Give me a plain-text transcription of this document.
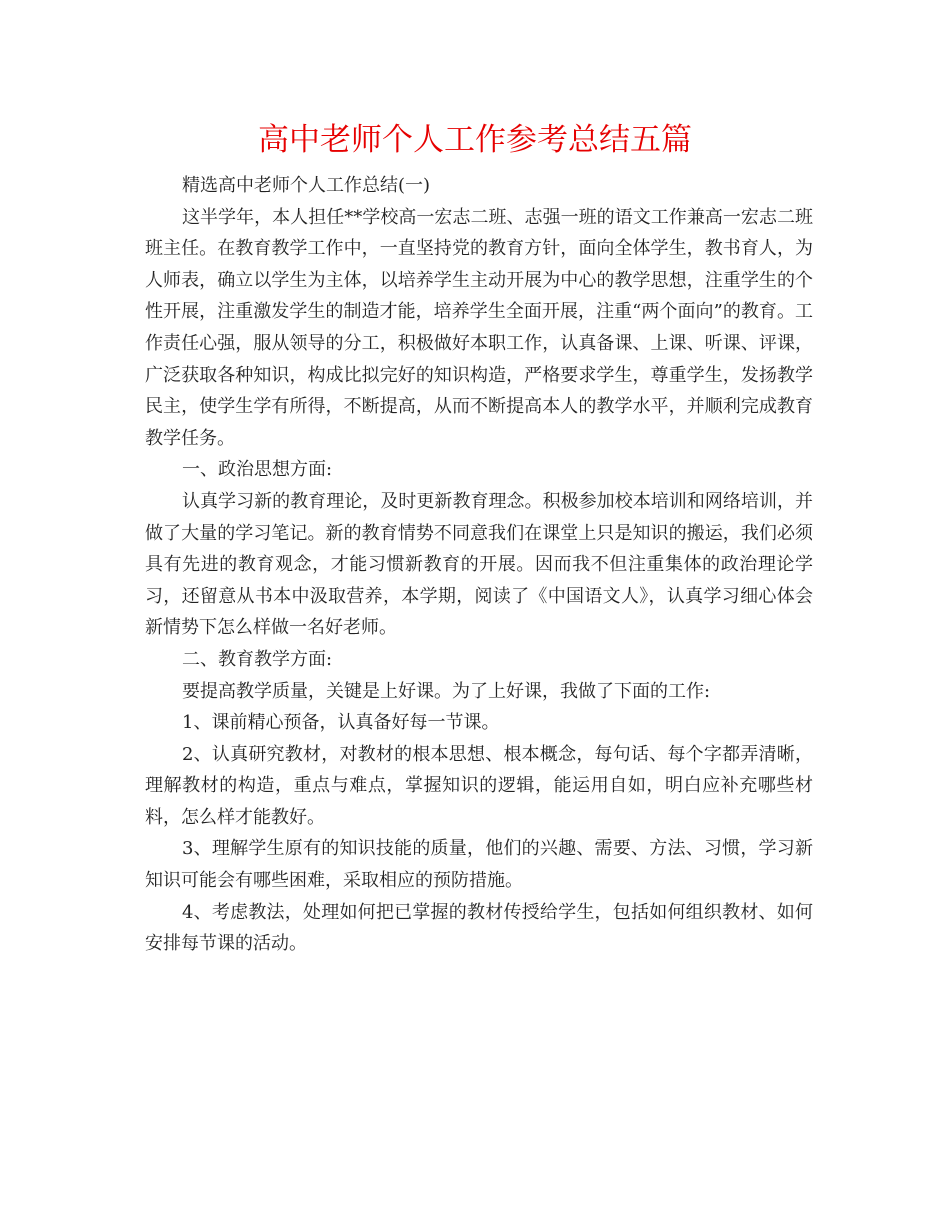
高中老师个人工作参考总结五篇

精选高中老师个人工作总结(一)

这半学年，本人担任**学校高一宏志二班、志强一班的语文工作兼高一宏志二班班主任。在教育教学工作中，一直坚持党的教育方针，面向全体学生，教书育人，为人师表，确立以学生为主体，以培养学生主动开展为中心的教学思想，注重学生的个性开展，注重激发学生的制造才能，培养学生全面开展，注重“两个面向”的教育。工作责任心强，服从领导的分工，积极做好本职工作，认真备课、上课、听课、评课，广泛获取各种知识，构成比拟完好的知识构造，严格要求学生，尊重学生，发扬教学民主，使学生学有所得，不断提高，从而不断提高本人的教学水平，并顺利完成教育教学任务。

一、政治思想方面:

认真学习新的教育理论，及时更新教育理念。积极参加校本培训和网络培训，并做了大量的学习笔记。新的教育情势不同意我们在课堂上只是知识的搬运，我们必须具有先进的教育观念，才能习惯新教育的开展。因而我不但注重集体的政治理论学习，还留意从书本中汲取营养，本学期，阅读了《中国语文人》，认真学习细心体会新情势下怎么样做一名好老师。

二、教育教学方面:

要提高教学质量，关键是上好课。为了上好课，我做了下面的工作:

1、课前精心预备，认真备好每一节课。

2、认真研究教材，对教材的根本思想、根本概念，每句话、每个字都弄清晰，理解教材的构造，重点与难点，掌握知识的逻辑，能运用自如，明白应补充哪些材料，怎么样才能教好。

3、理解学生原有的知识技能的质量，他们的兴趣、需要、方法、习惯，学习新知识可能会有哪些困难，采取相应的预防措施。

4、考虑教法，处理如何把已掌握的教材传授给学生，包括如何组织教材、如何安排每节课的活动。
